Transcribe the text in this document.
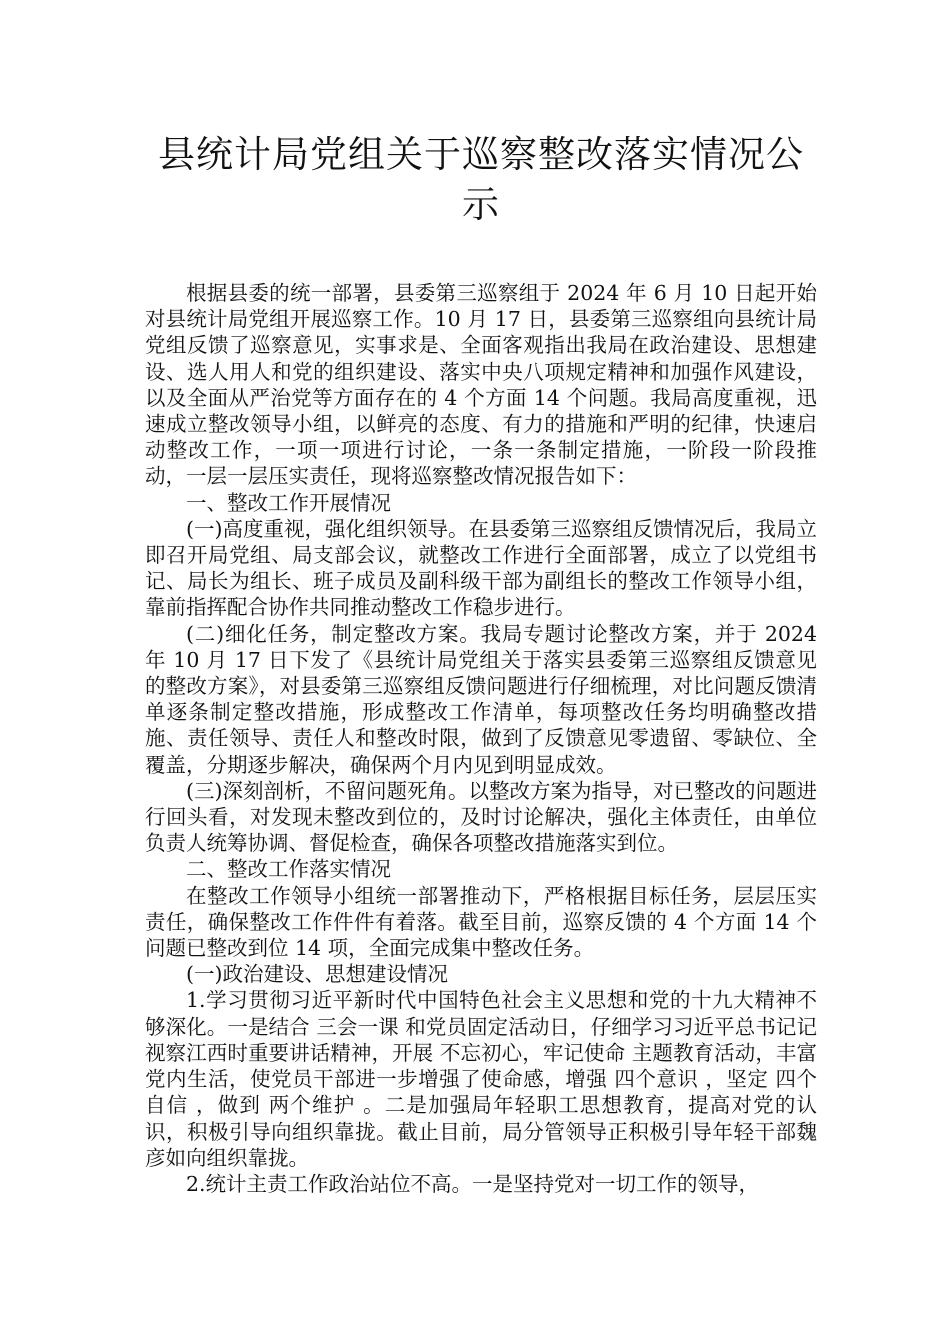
县统计局党组关于巡察整改落实情况公示

根据县委的统一部署，县委第三巡察组于 2024 年 6 月 10 日起开始对县统计局党组开展巡察工作。10 月 17 日，县委第三巡察组向县统计局党组反馈了巡察意见，实事求是、全面客观指出我局在政治建设、思想建设、选人用人和党的组织建设、落实中央八项规定精神和加强作风建设，以及全面从严治党等方面存在的 4 个方面 14 个问题。我局高度重视，迅速成立整改领导小组，以鲜亮的态度、有力的措施和严明的纪律，快速启动整改工作，一项一项进行讨论，一条一条制定措施，一阶段一阶段推动，一层一层压实责任，现将巡察整改情况报告如下：

一、整改工作开展情况

(一)高度重视，强化组织领导。在县委第三巡察组反馈情况后，我局立即召开局党组、局支部会议，就整改工作进行全面部署，成立了以党组书记、局长为组长、班子成员及副科级干部为副组长的整改工作领导小组，靠前指挥配合协作共同推动整改工作稳步进行。

(二)细化任务，制定整改方案。我局专题讨论整改方案，并于 2024 年 10 月 17 日下发了《县统计局党组关于落实县委第三巡察组反馈意见的整改方案》，对县委第三巡察组反馈问题进行仔细梳理，对比问题反馈清单逐条制定整改措施，形成整改工作清单，每项整改任务均明确整改措施、责任领导、责任人和整改时限，做到了反馈意见零遗留、零缺位、全覆盖，分期逐步解决，确保两个月内见到明显成效。

(三)深刻剖析，不留问题死角。以整改方案为指导，对已整改的问题进行回头看，对发现未整改到位的，及时讨论解决，强化主体责任，由单位负责人统筹协调、督促检查，确保各项整改措施落实到位。

二、整改工作落实情况

在整改工作领导小组统一部署推动下，严格根据目标任务，层层压实责任，确保整改工作件件有着落。截至目前，巡察反馈的 4 个方面 14 个问题已整改到位 14 项，全面完成集中整改任务。

(一)政治建设、思想建设情况

1.学习贯彻习近平新时代中国特色社会主义思想和党的十九大精神不够深化。一是结合 三会一课 和党员固定活动日，仔细学习习近平总书记记视察江西时重要讲话精神，开展 不忘初心，牢记使命 主题教育活动，丰富党内生活，使党员干部进一步增强了使命感，增强 四个意识 ，坚定 四个自信 ，做到 两个维护 。二是加强局年轻职工思想教育，提高对党的认识，积极引导向组织靠拢。截止目前，局分管领导正积极引导年轻干部魏彦如向组织靠拢。

2.统计主责工作政治站位不高。一是坚持党对一切工作的领导，
